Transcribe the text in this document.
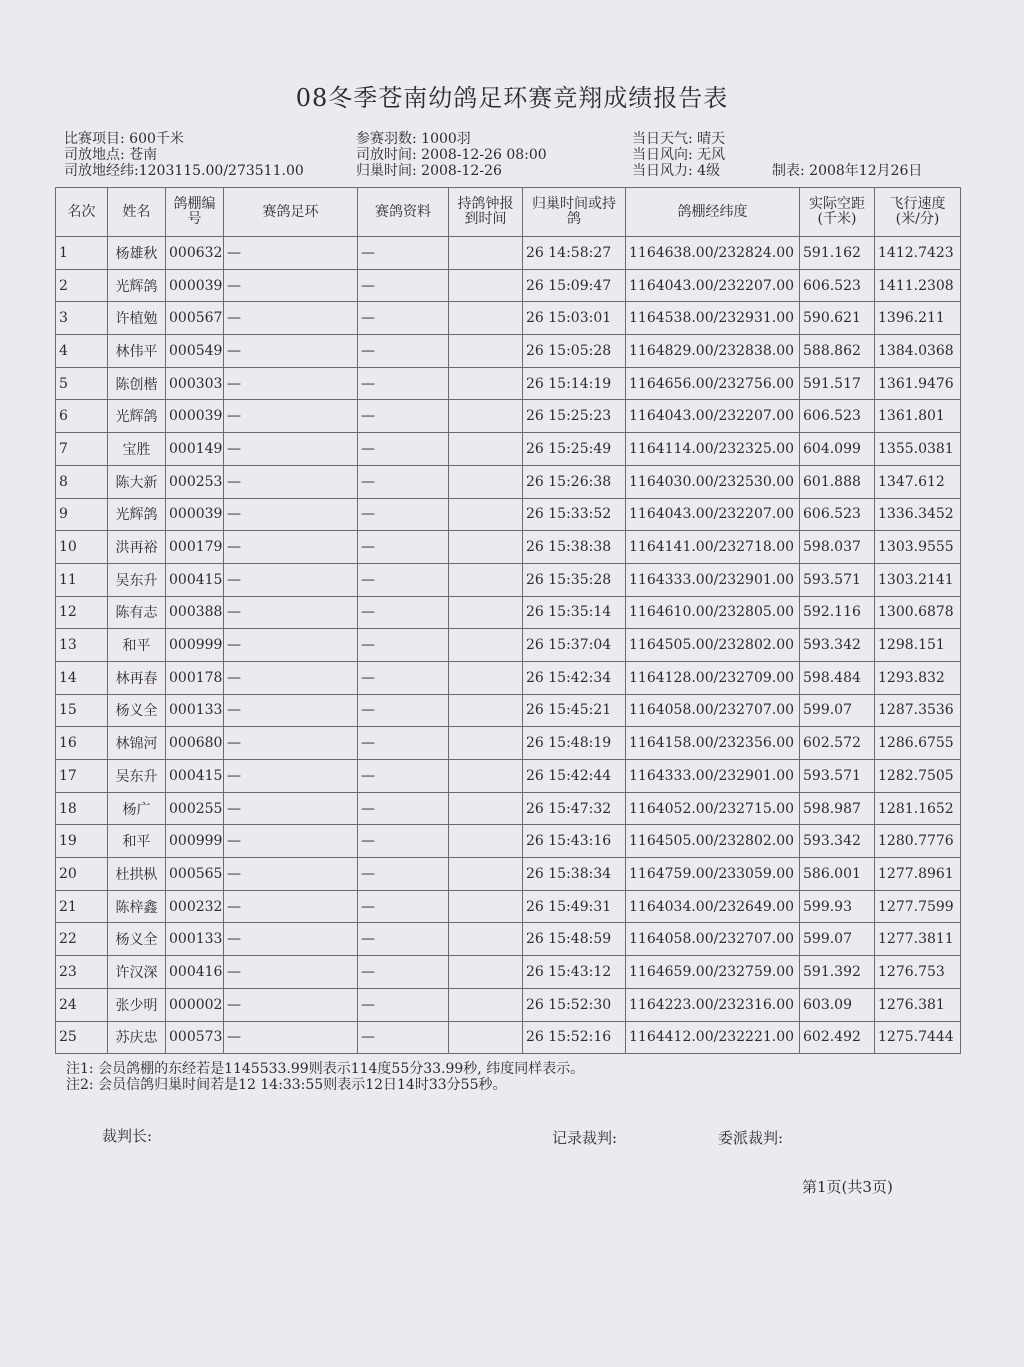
08冬季苍南幼鸽足环赛竞翔成绩报告表
比赛项目: 600千米
司放地点: 苍南
司放地经纬:1203115.00/273511.00
参赛羽数: 1000羽
司放时间: 2008-12-26 08:00
归巢时间: 2008-12-26
当日天气: 晴天
当日风向: 无风
当日风力: 4级	制表: 2008年12月26日
名次	姓名	鸽棚编号	赛鸽足环	赛鸽资料	持鸽钟报到时间	归巢时间或持鸽	鸽棚经纬度	实际空距(千米)	飞行速度(米/分)
1	杨雄秋	000632	—	—		26 14:58:27	1164638.00/232824.00	591.162	1412.7423
2	光辉鸽	000039	—	—		26 15:09:47	1164043.00/232207.00	606.523	1411.2308
3	许植勉	000567	—	—		26 15:03:01	1164538.00/232931.00	590.621	1396.211
4	林伟平	000549	—	—		26 15:05:28	1164829.00/232838.00	588.862	1384.0368
5	陈创楷	000303	—	—		26 15:14:19	1164656.00/232756.00	591.517	1361.9476
6	光辉鸽	000039	—	—		26 15:25:23	1164043.00/232207.00	606.523	1361.801
7	宝胜	000149	—	—		26 15:25:49	1164114.00/232325.00	604.099	1355.0381
8	陈大新	000253	—	—		26 15:26:38	1164030.00/232530.00	601.888	1347.612
9	光辉鸽	000039	—	—		26 15:33:52	1164043.00/232207.00	606.523	1336.3452
10	洪再裕	000179	—	—		26 15:38:38	1164141.00/232718.00	598.037	1303.9555
11	吴东升	000415	—	—		26 15:35:28	1164333.00/232901.00	593.571	1303.2141
12	陈有志	000388	—	—		26 15:35:14	1164610.00/232805.00	592.116	1300.6878
13	和平	000999	—	—		26 15:37:04	1164505.00/232802.00	593.342	1298.151
14	林再春	000178	—	—		26 15:42:34	1164128.00/232709.00	598.484	1293.832
15	杨义全	000133	—	—		26 15:45:21	1164058.00/232707.00	599.07	1287.3536
16	林锦河	000680	—	—		26 15:48:19	1164158.00/232356.00	602.572	1286.6755
17	吴东升	000415	—	—		26 15:42:44	1164333.00/232901.00	593.571	1282.7505
18	杨广	000255	—	—		26 15:47:32	1164052.00/232715.00	598.987	1281.1652
19	和平	000999	—	—		26 15:43:16	1164505.00/232802.00	593.342	1280.7776
20	杜拱枞	000565	—	—		26 15:38:34	1164759.00/233059.00	586.001	1277.8961
21	陈梓鑫	000232	—	—		26 15:49:31	1164034.00/232649.00	599.93	1277.7599
22	杨义全	000133	—	—		26 15:48:59	1164058.00/232707.00	599.07	1277.3811
23	许汉深	000416	—	—		26 15:43:12	1164659.00/232759.00	591.392	1276.753
24	张少明	000002	—	—		26 15:52:30	1164223.00/232316.00	603.09	1276.381
25	苏庆忠	000573	—	—		26 15:52:16	1164412.00/232221.00	602.492	1275.7444
注1: 会员鸽棚的东经若是1145533.99则表示114度55分33.99秒, 纬度同样表示。
注2: 会员信鸽归巢时间若是12 14:33:55则表示12日14时33分55秒。
裁判长:	记录裁判:	委派裁判:
第1页(共3页)
